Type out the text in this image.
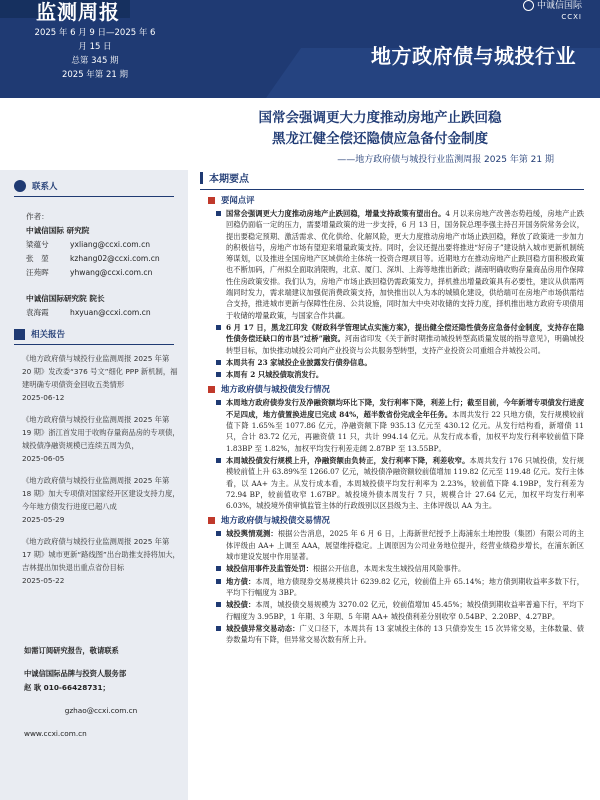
监测周报
2025 年 6 月 9 日—2025 年 6 月 15 日
总第 345 期
2025 年第 21 期
中诚信国际
CCXI
地方政府债与城投行业
国常会强调更大力度推动房地产止跌回稳
黑龙江健全偿还隐债应急备付金制度
——地方政府债与城投行业监测周报 2025 年第 21 期
联系人
作者：
中诚信国际 研究院
梁蕴兮	yxliang@ccxi.com.cn
张　堃	kzhang02@ccxi.com.cn
汪苑晖	yhwang@ccxi.com.cn
中诚信国际研究院 院长
袁海霞	hxyuan@ccxi.com.cn
相关报告
《地方政府债与城投行业监测周报 2025 年第 20 期》发改委“376 号文”细化 PPP 新机制，福建明确专项债资金回收五类情形
2025-06-12
《地方政府债与城投行业监测周报 2025 年第 19 期》浙江首发用于收购存量商品房的专项债，城投债净融资规模已连续五周为负，
2025-06-05
《地方政府债与城投行业监测周报 2025 年第 18 期》加大专项债对国家经开区建设支持力度，今年地方债发行进度已超八成
2025-05-29
《地方政府债与城投行业监测周报 2025 年第 17 期》城市更新“路线图”出台助推支持将加大，吉林提出加快退出重点省份目标
2025-05-22
如需订阅研究报告，敬请联系
中诚信国际品牌与投资人服务部
赵 耿 010-66428731；
gzhao@ccxi.com.cn
www.ccxi.com.cn
本期要点
要闻点评
国常会强调更大力度推动房地产止跌回稳，增量支持政策有望出台。4 月以来房地产改善态势趋缓，房地产止跌回稳仍面临一定的压力，需要增量政策的进一步支持，6 月 13 日，国务院总理李强主持召开国务院常务会议，提出要稳定预期、激活需求、优化供给、化解风险，更大力度推动房地产市场止跌回稳，释放了政策进一步加力的积极信号，房地产市场有望迎来增量政策支持。同时，会议还提出要将推进“好房子”建设纳入城市更新机制统筹谋划，以及推进全国房地产区域供给主体统一投资合理项目等。近期地方在推动房地产止跌回稳方面积极政策也不断加码，广州拟全面取消限购，北京、厦门、深圳、上海等地推出新政；湖南明确收购存量商品房用作保障性住房政策安排。我们认为，房地产市场止跌回稳仍需政策发力，择机推出增量政策具有必要性，建议从供需两端同时发力，需求端建议加强促消费政策支持，加快推出以人为本的城镇化建设，供给端可在房地产市场供需结合支持，推进城市更新与保障性住房、公共设施，同时加大中央对收储的支持力度，择机推出地方政府专项债用于收储的增量政策，与国家合作共赢。
6 月 17 日，黑龙江印发《财政科学管理试点实施方案》，提出健全偿还隐性债务应急备付金制度，支持存在隐性债务偿还缺口的市县“过桥”融资。河南省印发《关于新时期推动城投转型高质量发展的指导意见》，明确城投转型目标，加快推动城投公司向产业投资与公共服务型转型，支持产业投资公司重组合并城投公司。
本周共有 23 家城投企业披露发行债券信息。
本周有 2 只城投债取消发行。
地方政府债与城投债发行情况
本周地方政府债券发行及净融资额均环比下降，发行利率下降，利差上行；截至目前，今年新增专项债发行进度不足四成，地方债置换进度已完成 84%，超半数省份完成全年任务。本周共发行 22 只地方债，发行规模较前值下降 1.65%至 1077.86 亿元，净融资额下降 935.13 亿元至 430.12 亿元。从发行结构看，新增债 11 只，合计 83.72 亿元，再融资债 11 只，共计 994.14 亿元。从发行成本看，加权平均发行利率较前值下降 1.83BP 至 1.82%，加权平均发行利差走阔 2.87BP 至 13.55BP。
本周城投债发行规模上升，净融资额由负转正，发行利率下降，利差收窄。本周共发行 176 只城投债，发行规模较前值上升 63.89%至 1266.07 亿元，城投债净融资额较前值增加 119.82 亿元至 119.48 亿元。发行主体看，以 AA+ 为主。从发行成本看，本周城投债平均发行利率为 2.23%，较前值下降 4.19BP，发行利差为 72.94 BP，较前值收窄 1.67BP。城投境外债本周发行 7 只，规模合计 27.64 亿元，加权平均发行利率 6.03%，城投境外债审慎监管主体的行政级别以区县级为主、主体评级以 AA 为主。
地方政府债与城投债交易情况
城投舆情观测：根据公告消息，2025 年 6 月 6 日，上海新世纪授予上海浦东土地控股（集团）有限公司的主体评级由 AA+ 上调至 AAA，展望维持稳定。上调原因为公司业务地位提升，经营业绩稳步增长，在浦东新区城市建设发展中作用显著。
城投信用事件及监管处罚：根据公开信息，本周未发生城投信用风险事件。
地方债：本周，地方债现券交易规模共计 6239.82 亿元，较前值上升 65.14%；地方债到期收益率多数下行，平均下行幅度为 3BP。
城投债：本周，城投债交易规模为 3270.02 亿元，较前值增加 45.45%；城投债到期收益率普遍下行，平均下行幅度为 3.95BP，1 年期、3 年期、5 年期 AA+ 城投债利差分别收窄 0.54BP、2.20BP、4.27BP。
城投债异常交易动态：广义口径下，本周共有 13 家城投主体的 13 只债券发生 15 次异常交易，主体数量、债券数量均有下降，但异常交易次数有所上升。
